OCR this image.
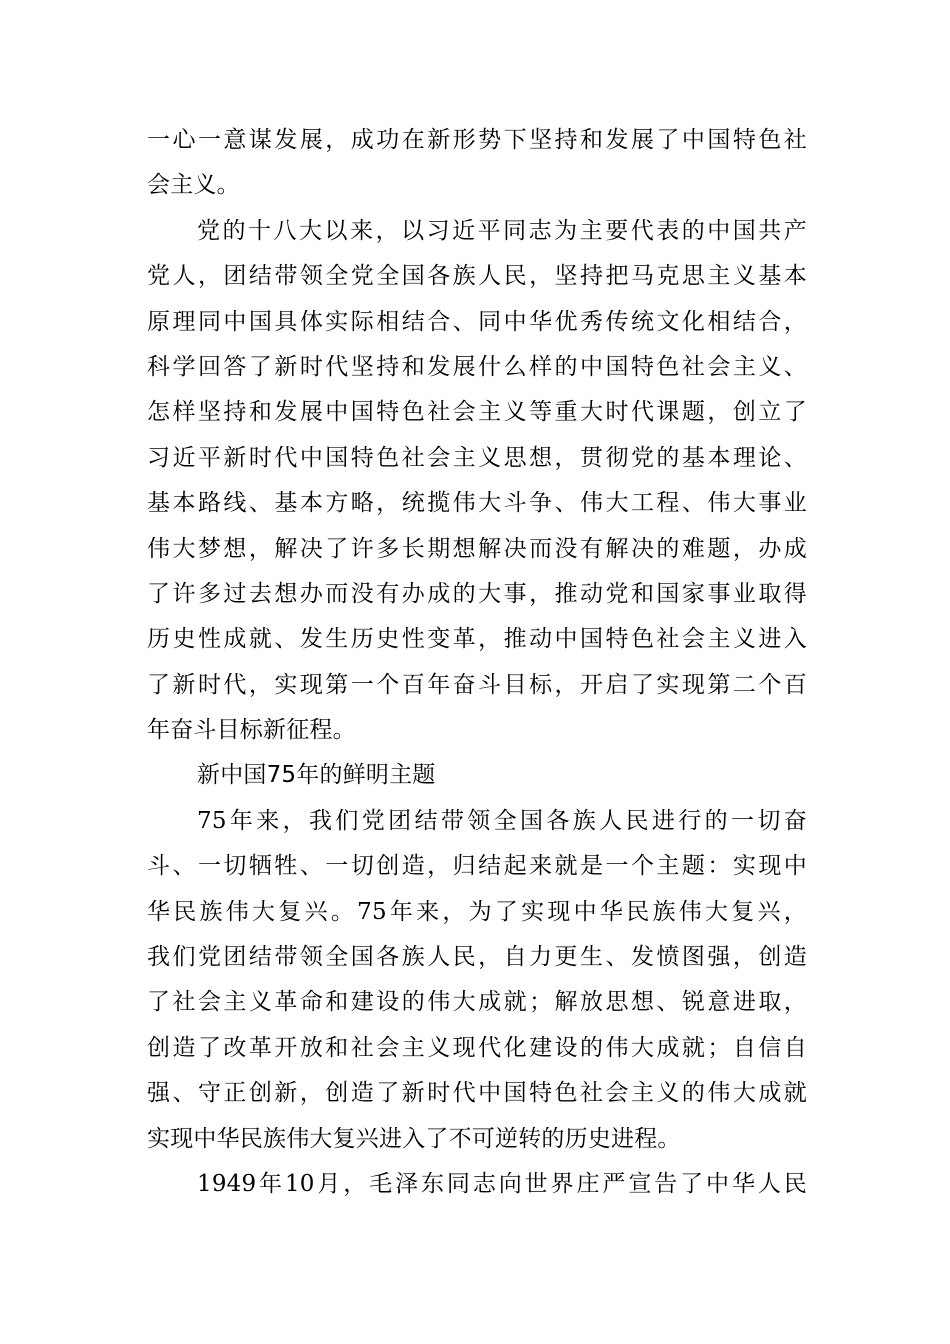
一心一意谋发展，成功在新形势下坚持和发展了中国特色社
会主义。
党的十八大以来，以习近平同志为主要代表的中国共产
党人，团结带领全党全国各族人民，坚持把马克思主义基本
原理同中国具体实际相结合、同中华优秀传统文化相结合，
科学回答了新时代坚持和发展什么样的中国特色社会主义、
怎样坚持和发展中国特色社会主义等重大时代课题，创立了
习近平新时代中国特色社会主义思想，贯彻党的基本理论、
基本路线、基本方略，统揽伟大斗争、伟大工程、伟大事业
伟大梦想，解决了许多长期想解决而没有解决的难题，办成
了许多过去想办而没有办成的大事，推动党和国家事业取得
历史性成就、发生历史性变革，推动中国特色社会主义进入
了新时代，实现第一个百年奋斗目标，开启了实现第二个百
年奋斗目标新征程。
新中国75年的鲜明主题
75年来，我们党团结带领全国各族人民进行的一切奋
斗、一切牺牲、一切创造，归结起来就是一个主题：实现中
华民族伟大复兴。75年来，为了实现中华民族伟大复兴，
我们党团结带领全国各族人民，自力更生、发愤图强，创造
了社会主义革命和建设的伟大成就；解放思想、锐意进取，
创造了改革开放和社会主义现代化建设的伟大成就；自信自
强、守正创新，创造了新时代中国特色社会主义的伟大成就
实现中华民族伟大复兴进入了不可逆转的历史进程。
1949年10月，毛泽东同志向世界庄严宣告了中华人民
